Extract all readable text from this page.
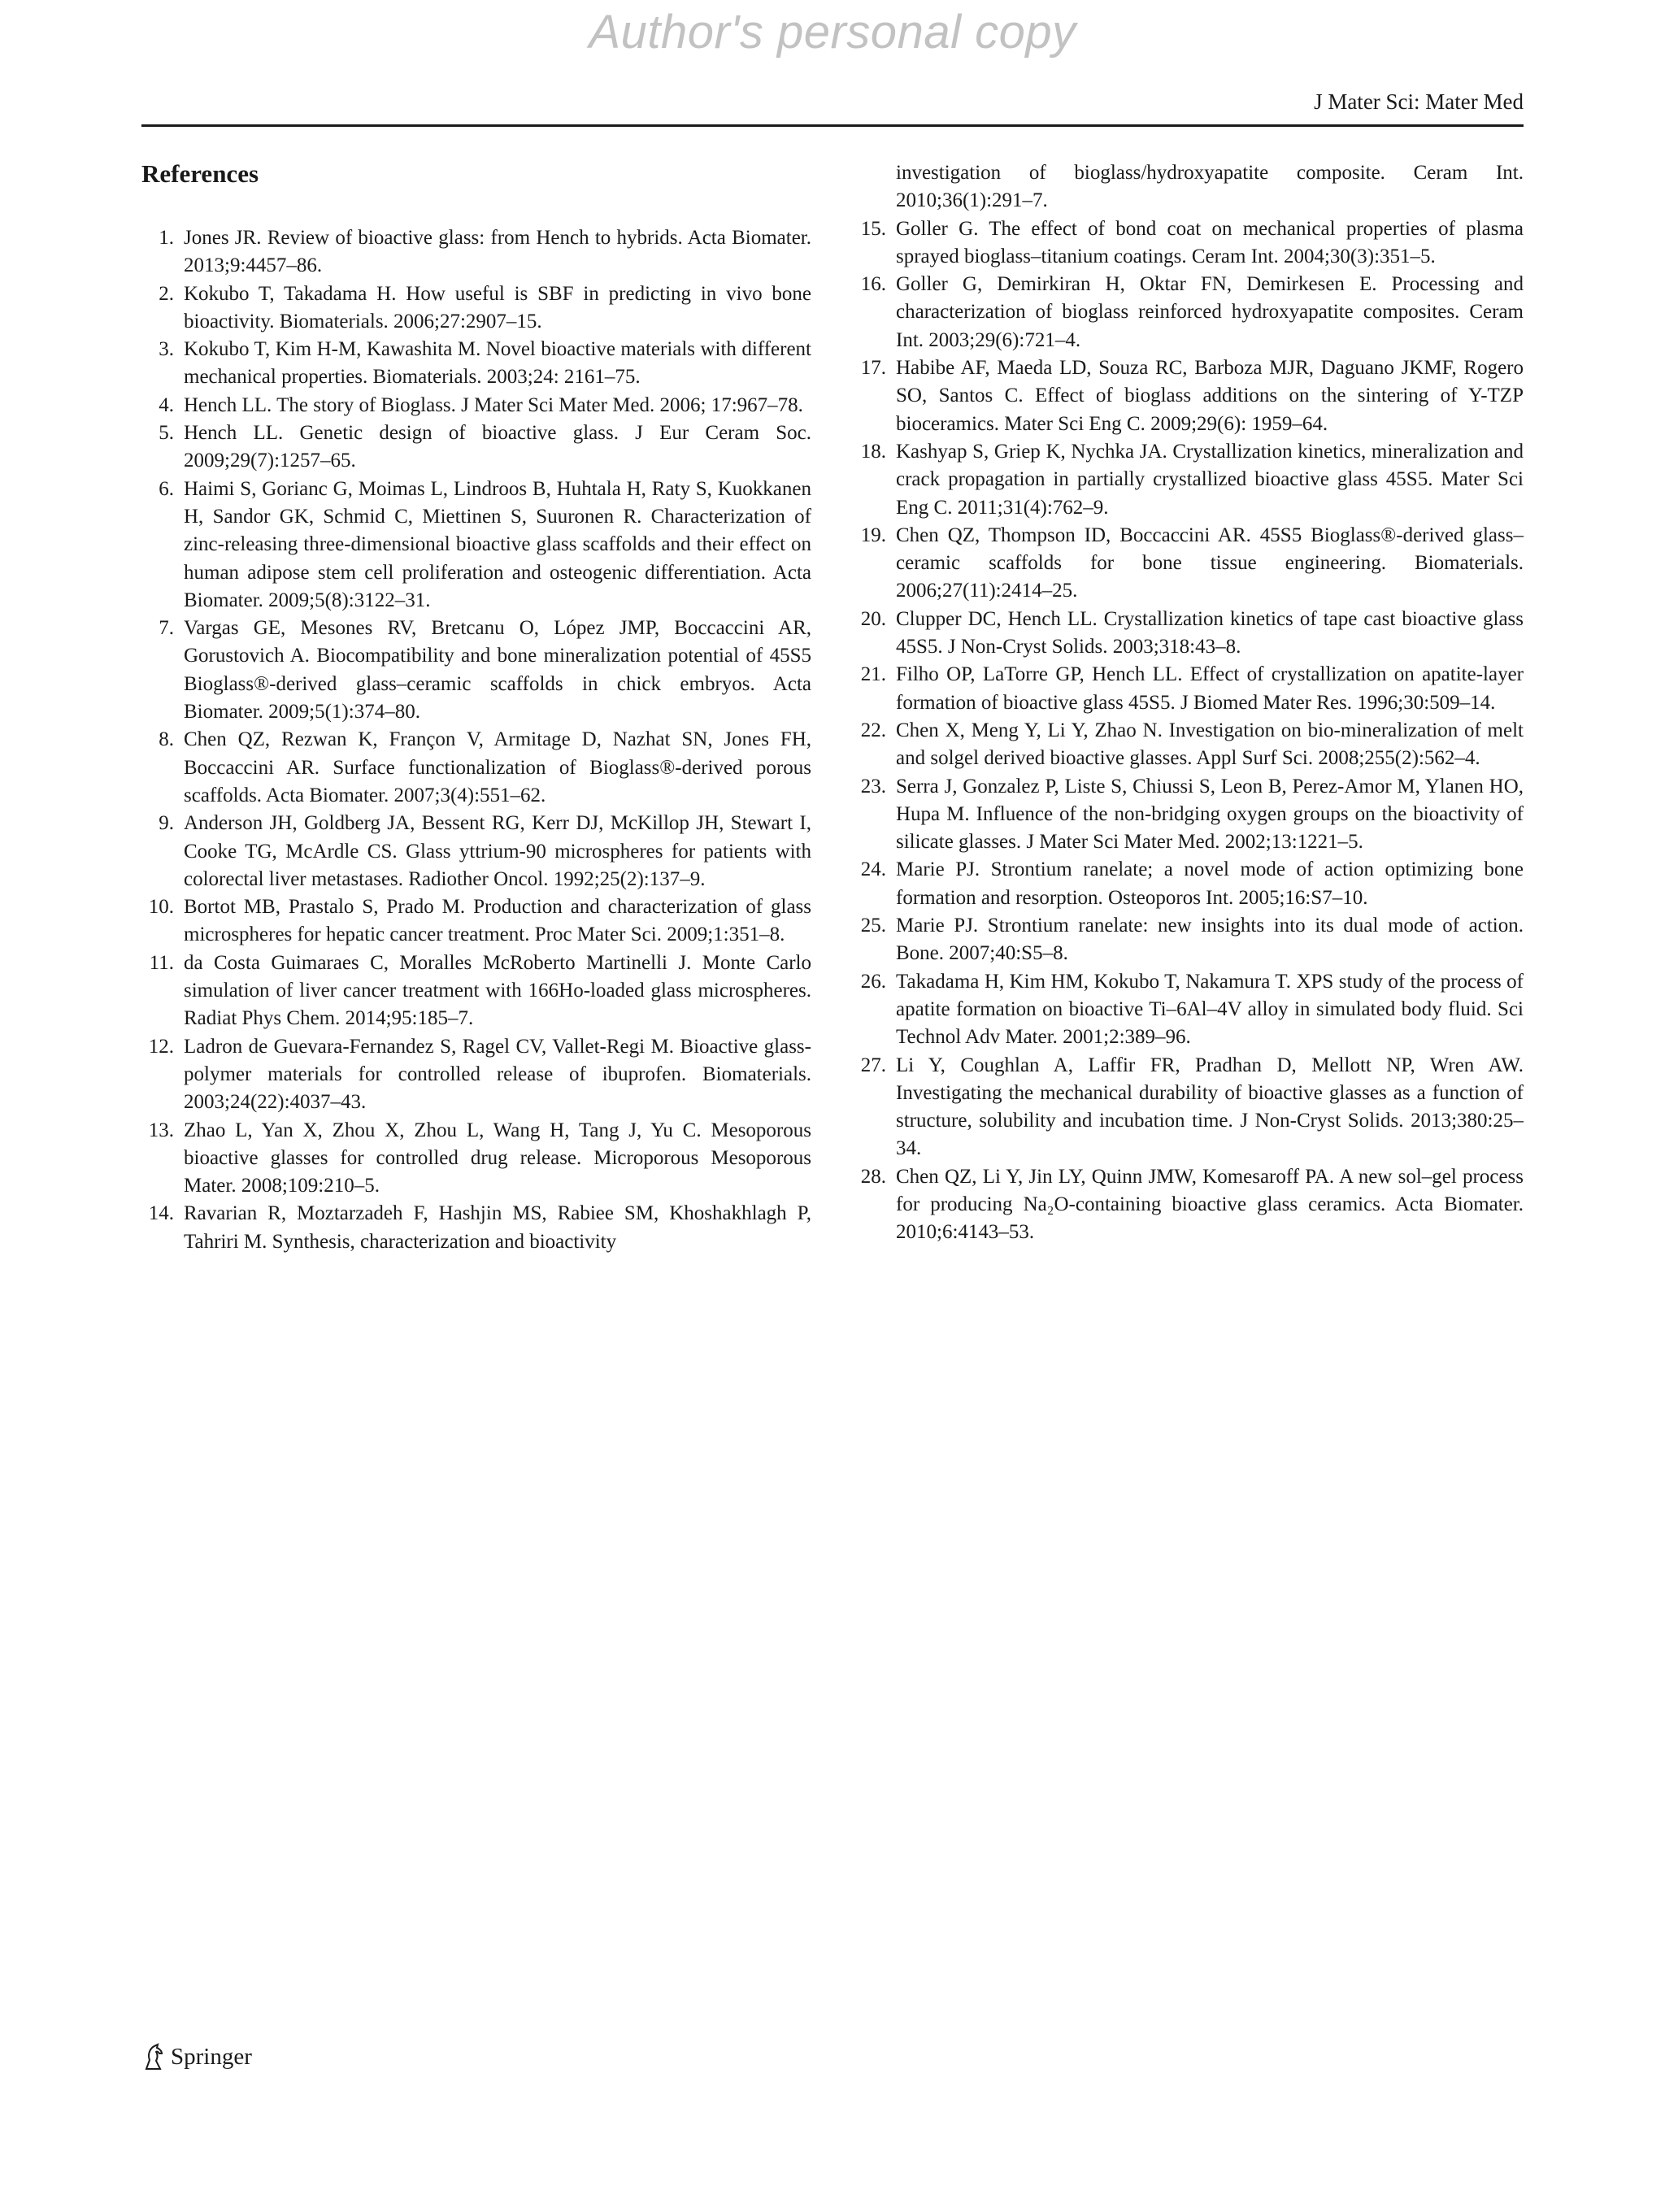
Author's personal copy
J Mater Sci: Mater Med
References
1. Jones JR. Review of bioactive glass: from Hench to hybrids. Acta Biomater. 2013;9:4457–86.
2. Kokubo T, Takadama H. How useful is SBF in predicting in vivo bone bioactivity. Biomaterials. 2006;27:2907–15.
3. Kokubo T, Kim H-M, Kawashita M. Novel bioactive materials with different mechanical properties. Biomaterials. 2003;24: 2161–75.
4. Hench LL. The story of Bioglass. J Mater Sci Mater Med. 2006; 17:967–78.
5. Hench LL. Genetic design of bioactive glass. J Eur Ceram Soc. 2009;29(7):1257–65.
6. Haimi S, Gorianc G, Moimas L, Lindroos B, Huhtala H, Raty S, Kuokkanen H, Sandor GK, Schmid C, Miettinen S, Suuronen R. Characterization of zinc-releasing three-dimensional bioactive glass scaffolds and their effect on human adipose stem cell proliferation and osteogenic differentiation. Acta Biomater. 2009;5(8):3122–31.
7. Vargas GE, Mesones RV, Bretcanu O, López JMP, Boccaccini AR, Gorustovich A. Biocompatibility and bone mineralization potential of 45S5 Bioglass®-derived glass–ceramic scaffolds in chick embryos. Acta Biomater. 2009;5(1):374–80.
8. Chen QZ, Rezwan K, Françon V, Armitage D, Nazhat SN, Jones FH, Boccaccini AR. Surface functionalization of Bioglass®-derived porous scaffolds. Acta Biomater. 2007;3(4):551–62.
9. Anderson JH, Goldberg JA, Bessent RG, Kerr DJ, McKillop JH, Stewart I, Cooke TG, McArdle CS. Glass yttrium-90 microspheres for patients with colorectal liver metastases. Radiother Oncol. 1992;25(2):137–9.
10. Bortot MB, Prastalo S, Prado M. Production and characterization of glass microspheres for hepatic cancer treatment. Proc Mater Sci. 2009;1:351–8.
11. da Costa Guimaraes C, Moralles McRoberto Martinelli J. Monte Carlo simulation of liver cancer treatment with 166Ho-loaded glass microspheres. Radiat Phys Chem. 2014;95:185–7.
12. Ladron de Guevara-Fernandez S, Ragel CV, Vallet-Regi M. Bioactive glass-polymer materials for controlled release of ibuprofen. Biomaterials. 2003;24(22):4037–43.
13. Zhao L, Yan X, Zhou X, Zhou L, Wang H, Tang J, Yu C. Mesoporous bioactive glasses for controlled drug release. Microporous Mesoporous Mater. 2008;109:210–5.
14. Ravarian R, Moztarzadeh F, Hashjin MS, Rabiee SM, Khoshakhlagh P, Tahriri M. Synthesis, characterization and bioactivity
investigation of bioglass/hydroxyapatite composite. Ceram Int. 2010;36(1):291–7.
15. Goller G. The effect of bond coat on mechanical properties of plasma sprayed bioglass–titanium coatings. Ceram Int. 2004;30(3):351–5.
16. Goller G, Demirkiran H, Oktar FN, Demirkesen E. Processing and characterization of bioglass reinforced hydroxyapatite composites. Ceram Int. 2003;29(6):721–4.
17. Habibe AF, Maeda LD, Souza RC, Barboza MJR, Daguano JKMF, Rogero SO, Santos C. Effect of bioglass additions on the sintering of Y-TZP bioceramics. Mater Sci Eng C. 2009;29(6): 1959–64.
18. Kashyap S, Griep K, Nychka JA. Crystallization kinetics, mineralization and crack propagation in partially crystallized bioactive glass 45S5. Mater Sci Eng C. 2011;31(4):762–9.
19. Chen QZ, Thompson ID, Boccaccini AR. 45S5 Bioglass®-derived glass–ceramic scaffolds for bone tissue engineering. Biomaterials. 2006;27(11):2414–25.
20. Clupper DC, Hench LL. Crystallization kinetics of tape cast bioactive glass 45S5. J Non-Cryst Solids. 2003;318:43–8.
21. Filho OP, LaTorre GP, Hench LL. Effect of crystallization on apatite-layer formation of bioactive glass 45S5. J Biomed Mater Res. 1996;30:509–14.
22. Chen X, Meng Y, Li Y, Zhao N. Investigation on bio-mineralization of melt and solgel derived bioactive glasses. Appl Surf Sci. 2008;255(2):562–4.
23. Serra J, Gonzalez P, Liste S, Chiussi S, Leon B, Perez-Amor M, Ylanen HO, Hupa M. Influence of the non-bridging oxygen groups on the bioactivity of silicate glasses. J Mater Sci Mater Med. 2002;13:1221–5.
24. Marie PJ. Strontium ranelate; a novel mode of action optimizing bone formation and resorption. Osteoporos Int. 2005;16:S7–10.
25. Marie PJ. Strontium ranelate: new insights into its dual mode of action. Bone. 2007;40:S5–8.
26. Takadama H, Kim HM, Kokubo T, Nakamura T. XPS study of the process of apatite formation on bioactive Ti–6Al–4V alloy in simulated body fluid. Sci Technol Adv Mater. 2001;2:389–96.
27. Li Y, Coughlan A, Laffir FR, Pradhan D, Mellott NP, Wren AW. Investigating the mechanical durability of bioactive glasses as a function of structure, solubility and incubation time. J Non-Cryst Solids. 2013;380:25–34.
28. Chen QZ, Li Y, Jin LY, Quinn JMW, Komesaroff PA. A new sol–gel process for producing Na₂O-containing bioactive glass ceramics. Acta Biomater. 2010;6:4143–53.
Springer
